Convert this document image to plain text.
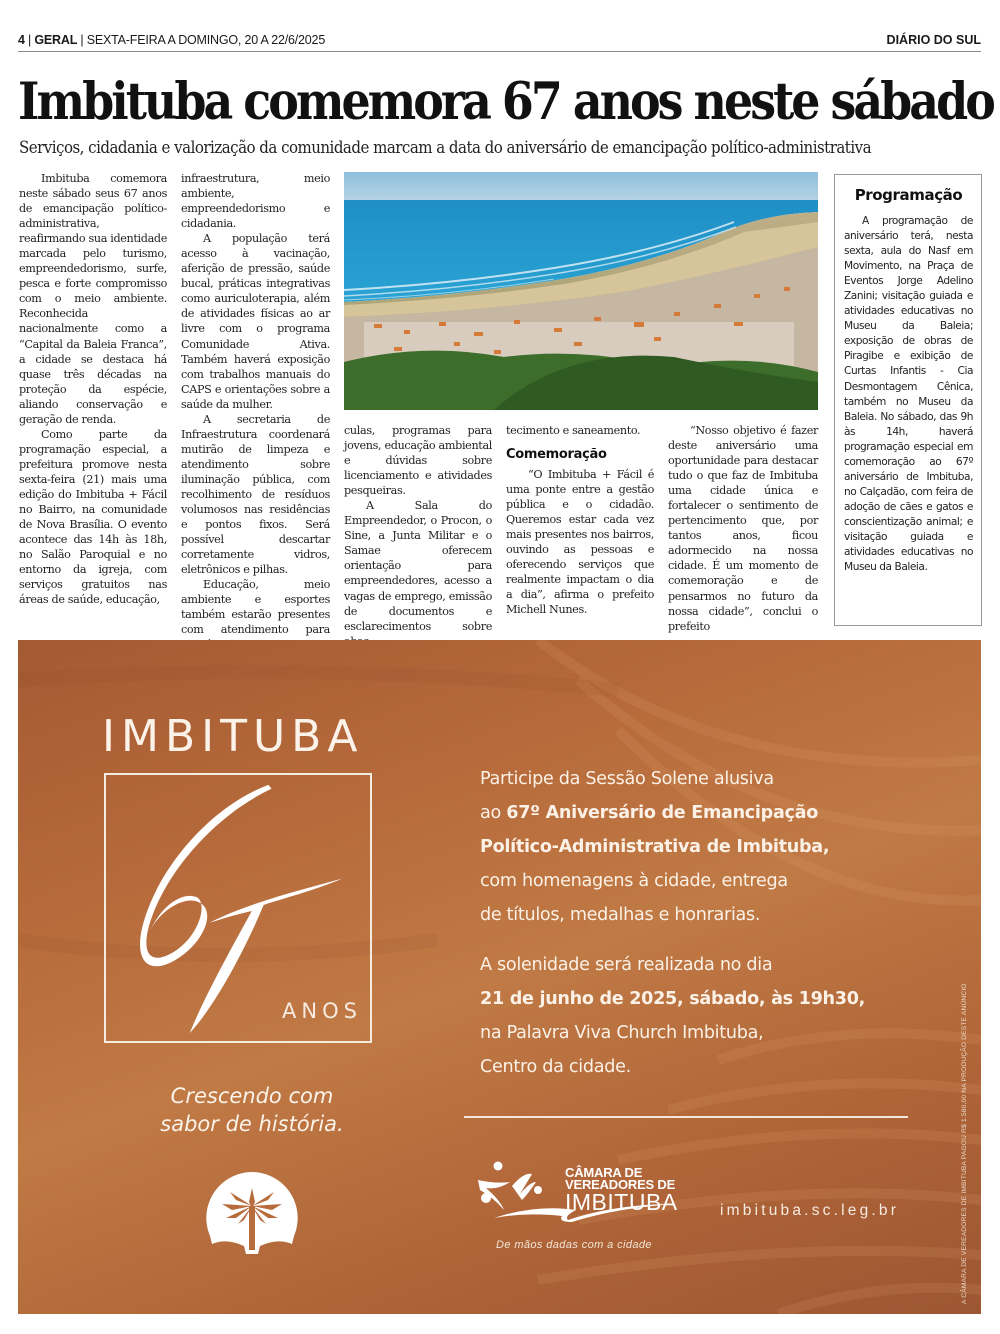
4 | GERAL | SEXTA-FEIRA A DOMINGO, 20 A 22/6/2025	DIÁRIO DO SUL
Imbituba comemora 67 anos neste sábado
Serviços, cidadania e valorização da comunidade marcam a data do aniversário de emancipação político-administrativa

Imbituba comemora neste sábado seus 67 anos de emancipação político-administrativa, reafirmando sua identidade marcada pelo turismo, empreendedorismo, surfe, pesca e forte compromisso com o meio ambiente. Reconhecida nacionalmente como a “Capital da Baleia Franca”, a cidade se destaca há quase três décadas na proteção da espécie, aliando conservação e geração de renda.

Como parte da programação especial, a prefeitura promove nesta sexta-feira (21) mais uma edição do Imbituba + Fácil no Bairro, na comunidade de Nova Brasília. O evento acontece das 14h às 18h, no Salão Paroquial e no entorno da igreja, com serviços gratuitos nas áreas de saúde, educação,

infraestrutura, meio ambiente, empreendedorismo e cidadania.

A população terá acesso à vacinação, aferição de pressão, saúde bucal, práticas integrativas como auriculoterapia, além de atividades físicas ao ar livre com o programa Comunidade Ativa. Também haverá exposição com trabalhos manuais do CAPS e orientações sobre a saúde da mulher.

A secretaria de Infraestrutura coordenará mutirão de limpeza e atendimento sobre iluminação pública, com recolhimento de resíduos volumosos nas residências e pontos fixos. Será possível descartar corretamente vidros, eletrônicos e pilhas.

Educação, meio ambiente e esportes também estarão presentes com atendimento para

culas, programas para jovens, educação ambiental e dúvidas sobre licenciamento e atividades pesqueiras.

A Sala do Empreendedor, o Procon, o Sine, a Junta Militar e o Samae oferecem orientação para empreendedores, acesso a vagas de emprego, emissão de documentos e esclarecimentos sobre

tecimento e saneamento.

Comemoração

“O Imbituba + Fácil é uma ponte entre a gestão pública e o cidadão. Queremos estar cada vez mais presentes nos bairros, ouvindo as pessoas e oferecendo serviços que realmente impactam o dia a dia”, afirma o prefeito Michell Nunes.

“Nosso objetivo é fazer deste aniversário uma oportunidade para destacar tudo o que faz de Imbituba uma cidade única e fortalecer o sentimento de pertencimento que, por tantos anos, ficou adormecido na nossa cidade. É um momento de comemoração e de pensarmos no futuro da nossa cidade”, conclui o prefeito

Programação

A programação de aniversário terá, nesta sexta, aula do Nasf em Movimento, na Praça de Eventos Jorge Adelino Zanini; visitação guiada e atividades educativas no Museu da Baleia; exposição de obras de Piragibe e exibição de Curtas Infantis - Cia Desmontagem Cênica, também no Museu da Baleia. No sábado, das 9h às 14h, haverá programação especial em comemoração ao 67º aniversário de Imbituba, no Calçadão, com feira de adoção de cães e gatos e conscientização animal; e visitação guiada e atividades educativas no Museu da Baleia.

IMBITUBA
ANOS
Crescendo com
sabor de história.
Participe da Sessão Solene alusiva
ao 67º Aniversário de Emancipação
Político-Administrativa de Imbituba,
com homenagens à cidade, entrega
de títulos, medalhas e honrarias.
A solenidade será realizada no dia
21 de junho de 2025, sábado, às 19h30,
na Palavra Viva Church Imbituba,
Centro da cidade.
CÂMARA DE
VEREADORES DE
IMBITUBA
De mãos dadas com a cidade
imbituba.sc.leg.br	A CÂMARA DE VEREADORES DE IMBITUBA PAGOU R$ 1.580,00 NA PRODUÇÃO DESTE ANÚNCIO
